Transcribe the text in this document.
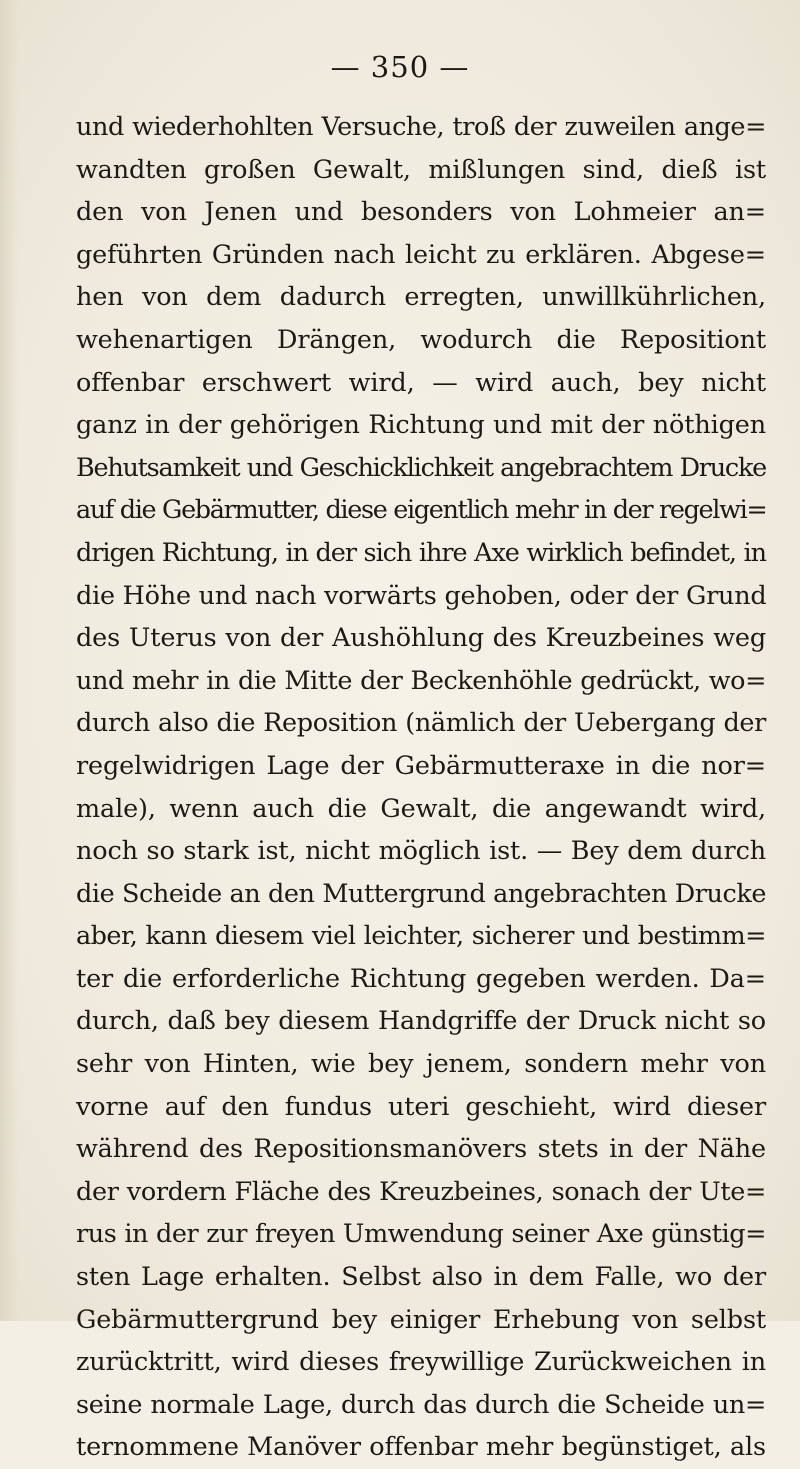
— 350 —
und wiederhohlten Versuche, troß der zuweilen ange=
wandten großen Gewalt, mißlungen sind, dieß ist
den von Jenen und besonders von Lohmeier an=
geführten Gründen nach leicht zu erklären. Abgese=
hen von dem dadurch erregten, unwillkührlichen,
wehenartigen Drängen, wodurch die Repositiont
offenbar erschwert wird, — wird auch, bey nicht
ganz in der gehörigen Richtung und mit der nöthigen
Behutsamkeit und Geschicklichkeit angebrachtem Drucke
auf die Gebärmutter, diese eigentlich mehr in der regelwi=
drigen Richtung, in der sich ihre Axe wirklich befindet, in
die Höhe und nach vorwärts gehoben, oder der Grund
des Uterus von der Aushöhlung des Kreuzbeines weg
und mehr in die Mitte der Beckenhöhle gedrückt, wo=
durch also die Reposition (nämlich der Uebergang der
regelwidrigen Lage der Gebärmutteraxe in die nor=
male), wenn auch die Gewalt, die angewandt wird,
noch so stark ist, nicht möglich ist. — Bey dem durch
die Scheide an den Muttergrund angebrachten Drucke
aber, kann diesem viel leichter, sicherer und bestimm=
ter die erforderliche Richtung gegeben werden. Da=
durch, daß bey diesem Handgriffe der Druck nicht so
sehr von Hinten, wie bey jenem, sondern mehr von
vorne auf den fundus uteri geschieht, wird dieser
während des Repositionsmanövers stets in der Nähe
der vordern Fläche des Kreuzbeines, sonach der Ute=
rus in der zur freyen Umwendung seiner Axe günstig=
sten Lage erhalten. Selbst also in dem Falle, wo der
Gebärmuttergrund bey einiger Erhebung von selbst
zurücktritt, wird dieses freywillige Zurückweichen in
seine normale Lage, durch das durch die Scheide un=
ternommene Manöver offenbar mehr begünstiget, als
